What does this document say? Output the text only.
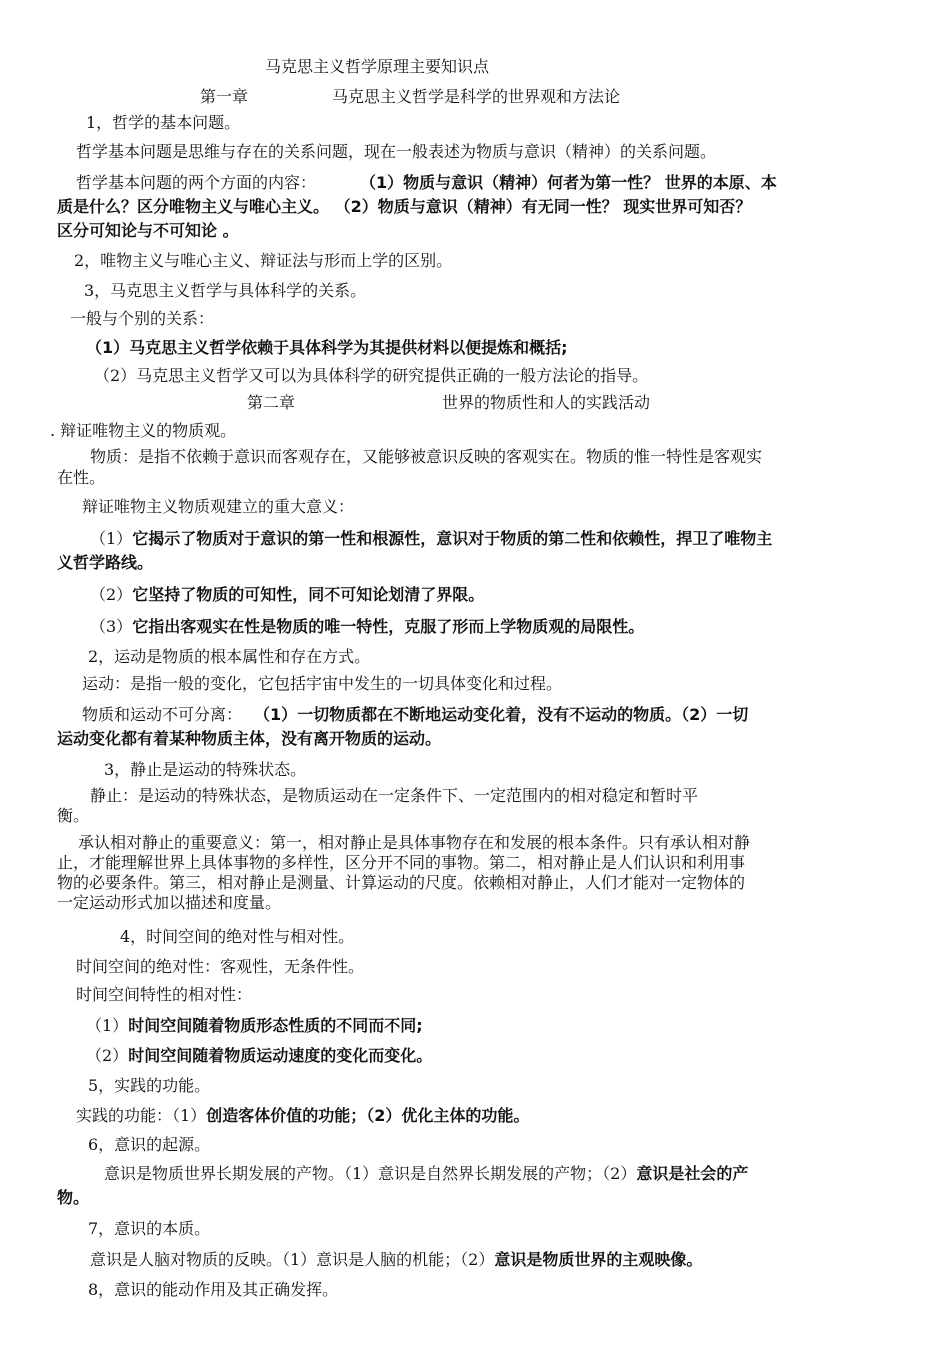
马克思主义哲学原理主要知识点
第一章	马克思主义哲学是科学的世界观和方法论
1，哲学的基本问题。
哲学基本问题是思维与存在的关系问题，现在一般表述为物质与意识（精神）的关系问题。
哲学基本问题的两个方面的内容：	（1）物质与意识（精神）何者为第一性？ 世界的本原、本
质是什么？区分唯物主义与唯心主义。 （2）物质与意识（精神）有无同一性？ 现实世界可知否？
区分可知论与不可知论 。
2，唯物主义与唯心主义、辩证法与形而上学的区别。
3，马克思主义哲学与具体科学的关系。
一般与个别的关系：
（1）马克思主义哲学依赖于具体科学为其提供材料以便提炼和概括;
（2）马克思主义哲学又可以为具体科学的研究提供正确的一般方法论的指导。
第二章	世界的物质性和人的实践活动
. 辩证唯物主义的物质观。
物质：是指不依赖于意识而客观存在，又能够被意识反映的客观实在。物质的惟一特性是客观实
在性。
辩证唯物主义物质观建立的重大意义：
（1）它揭示了物质对于意识的第一性和根源性，意识对于物质的第二性和依赖性，捍卫了唯物主
义哲学路线。
（2）它坚持了物质的可知性，同不可知论划清了界限。
（3）它指出客观实在性是物质的唯一特性，克服了形而上学物质观的局限性。
2，运动是物质的根本属性和存在方式。
运动：是指一般的变化，它包括宇宙中发生的一切具体变化和过程。
物质和运动不可分离： （1）一切物质都在不断地运动变化着，没有不运动的物质。（2）一切
运动变化都有着某种物质主体，没有离开物质的运动。
3，静止是运动的特殊状态。
静止：是运动的特殊状态，是物质运动在一定条件下、一定范围内的相对稳定和暂时平
衡。
承认相对静止的重要意义：第一，相对静止是具体事物存在和发展的根本条件。只有承认相对静
止，才能理解世界上具体事物的多样性，区分开不同的事物。第二，相对静止是人们认识和利用事
物的必要条件。第三，相对静止是测量、计算运动的尺度。依赖相对静止，人们才能对一定物体的
一定运动形式加以描述和度量。
4，时间空间的绝对性与相对性。
时间空间的绝对性：客观性，无条件性。
时间空间特性的相对性：
（1）时间空间随着物质形态性质的不同而不同;
（2）时间空间随着物质运动速度的变化而变化。
5，实践的功能。
实践的功能：（1）创造客体价值的功能；（2）优化主体的功能。
6，意识的起源。
意识是物质世界长期发展的产物。（1）意识是自然界长期发展的产物；（2）意识是社会的产
物。
7，意识的本质。
意识是人脑对物质的反映。（1）意识是人脑的机能；（2）意识是物质世界的主观映像。
8，意识的能动作用及其正确发挥。
